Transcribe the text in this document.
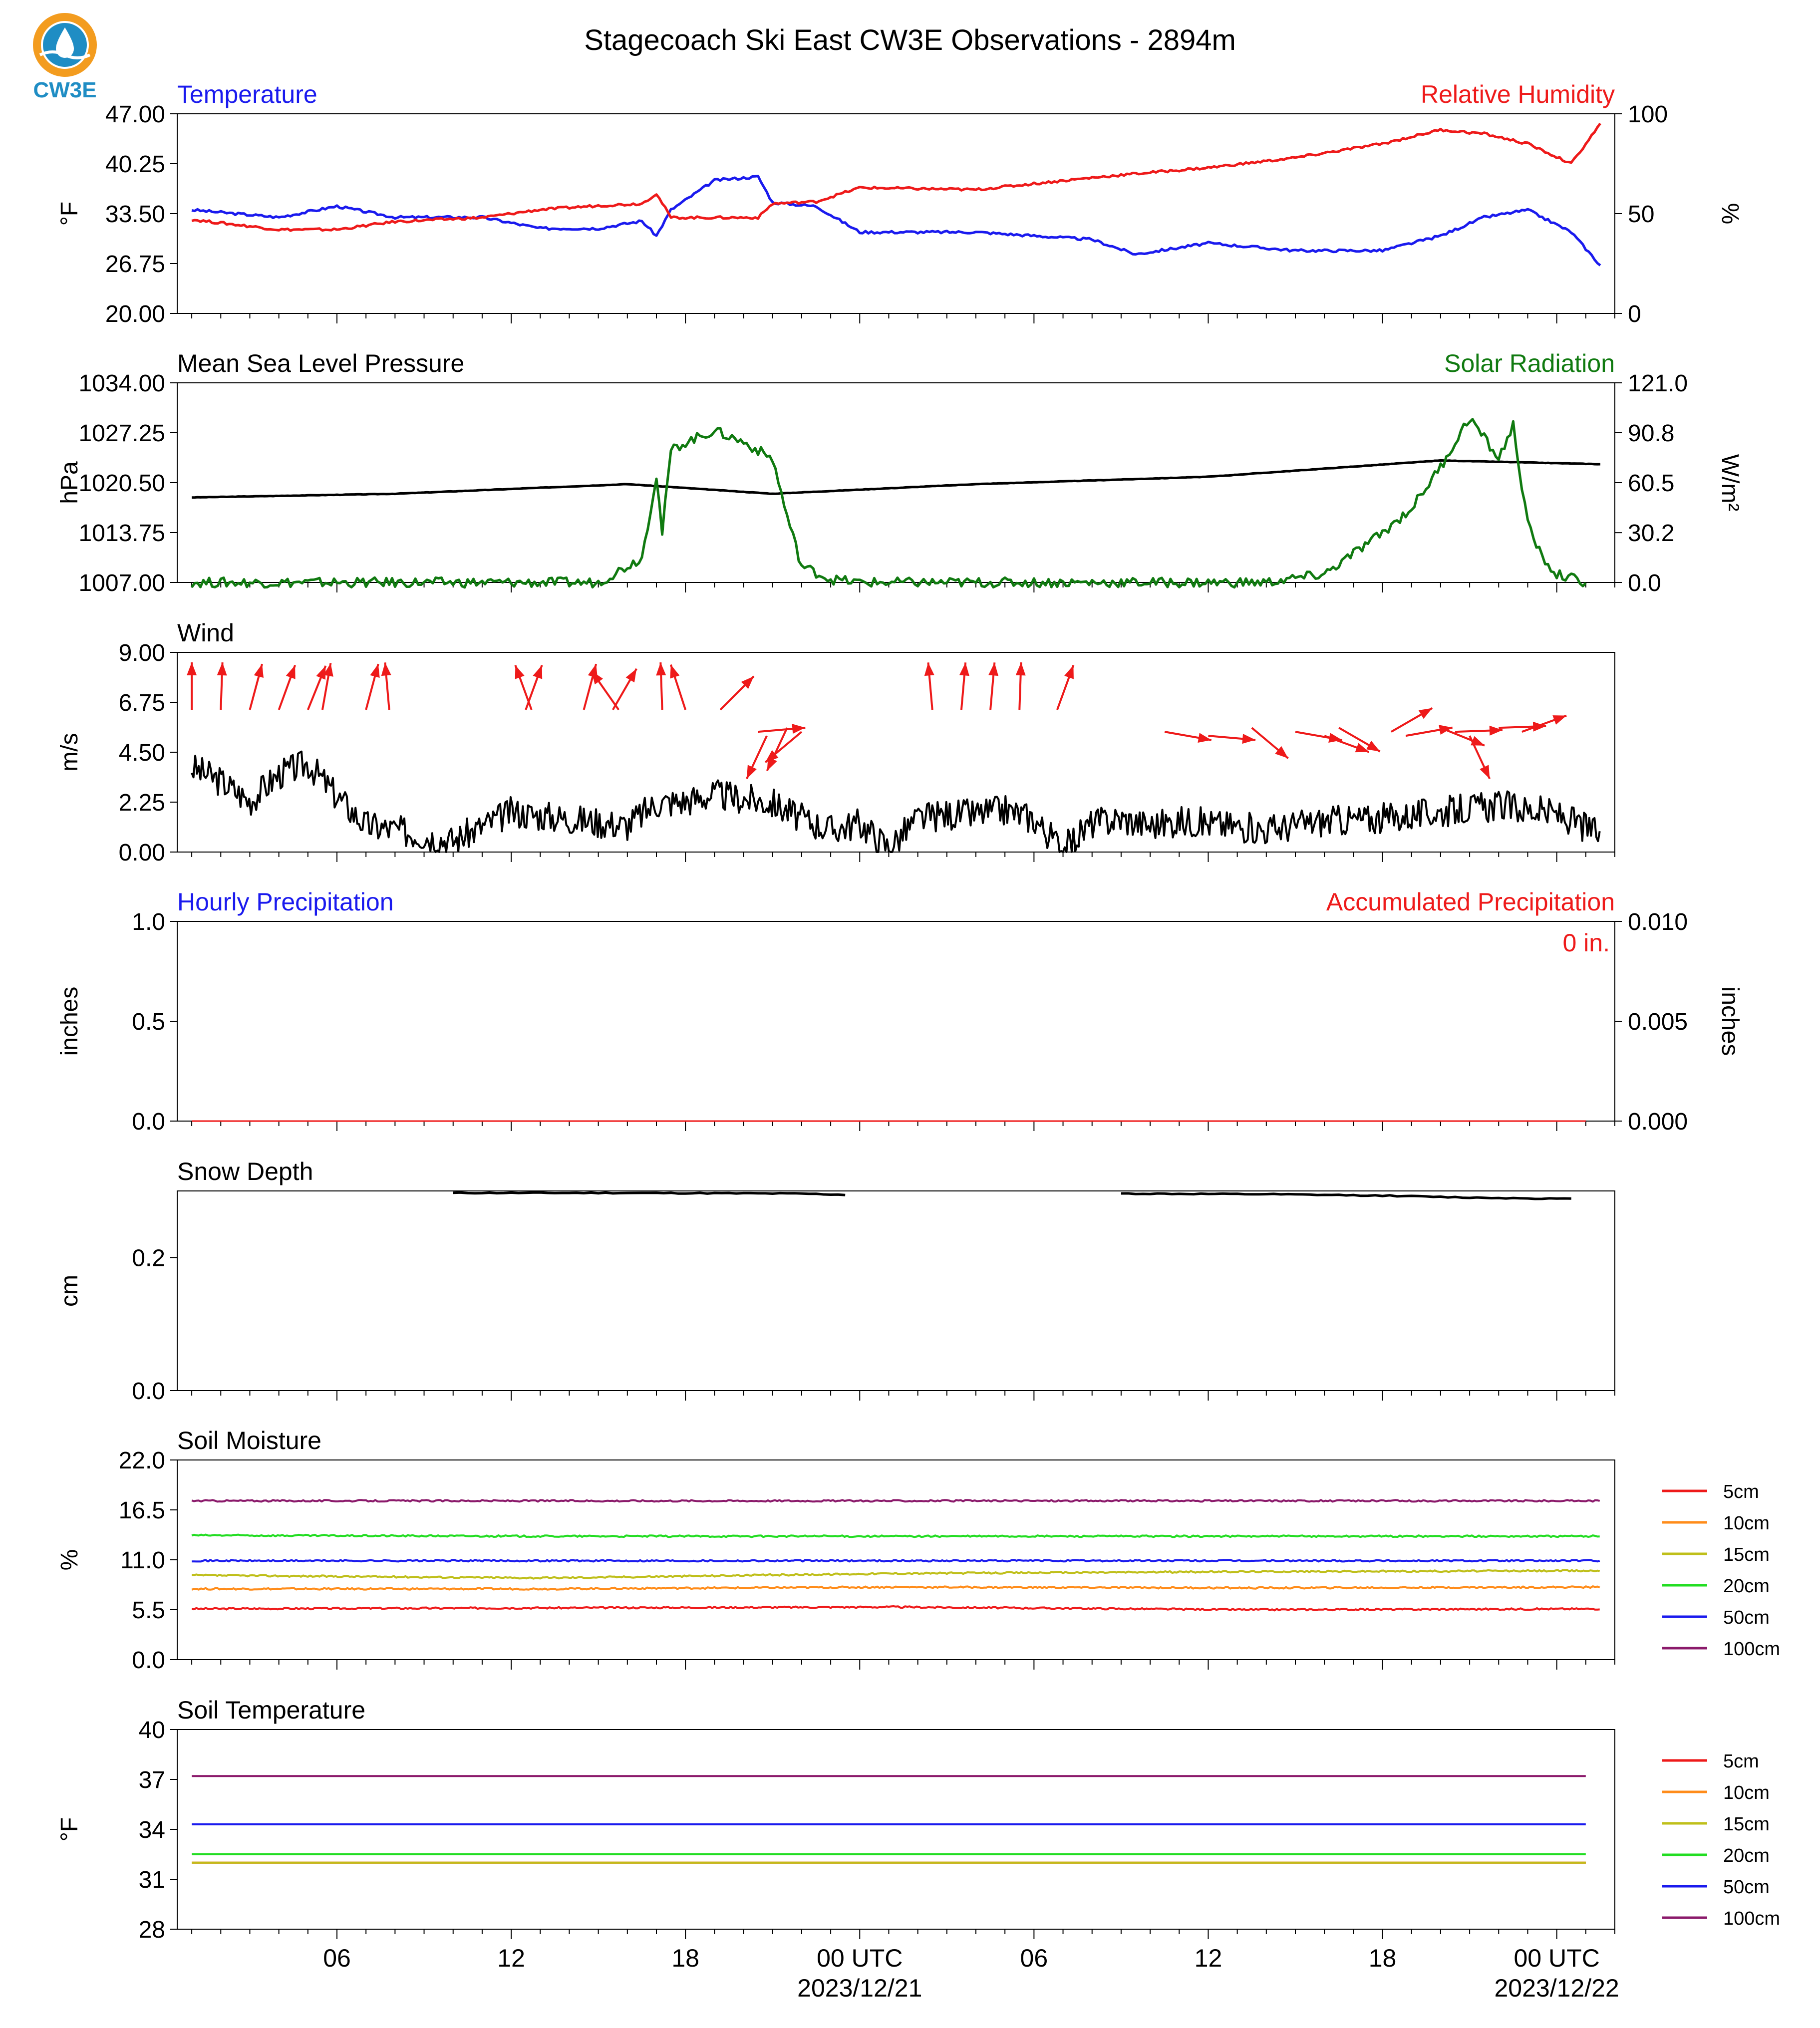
CW3E
Stagecoach Ski East CW3E Observations - 2894m
Temperature	Relative Humidity
47.00
40.25
33.50
26.75
20.00
°F
100
50
0
%
Mean Sea Level Pressure	Solar Radiation
1034.00
1027.25
1020.50
1013.75
1007.00
hPa
121.0
90.8
60.5
30.2
0.0
W/m²
Wind
9.00
6.75
4.50
2.25
0.00
m/s
Hourly Precipitation	Accumulated Precipitation
1.0
0.5
0.0
inches
0.010
0.005
0.000
inches
0 in.
Snow Depth
0.2
0.0
cm
Soil Moisture
22.0
16.5
11.0
5.5
0.0
%
5cm
10cm
15cm
20cm
50cm
100cm
Soil Temperature
40
37
34
31
28
°F
5cm
10cm
15cm
20cm
50cm
100cm
06	12	18	00 UTC	06	12	18	00 UTC
2023/12/21	2023/12/22
